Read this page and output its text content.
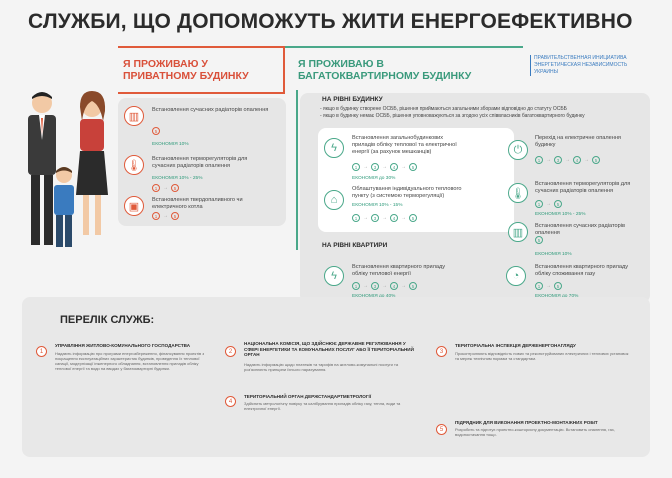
СЛУЖБИ, ЩО ДОПОМОЖУТЬ ЖИТИ ЕНЕРГОЕФЕКТИВНО
ПРАВИТЕЛЬСТВЕННАЯ ИНИЦИАТИВА
ЭНЕРГЕТИЧЕСКАЯ НЕЗАВИСИМОСТЬ УКРАИНЫ
Я ПРОЖИВАЮ У
ПРИВАТНОМУ БУДИНКУ
Я ПРОЖИВАЮ В
БАГАТОКВАРТИРНОМУ БУДИНКУ
▥
Встановлення сучасних радіаторів опалення
5
ЕКОНОМІЯ 10%
🌡
Встановлення терморегуляторів для сучасних радіаторів опалення
ЕКОНОМІЯ 10% - 25%
1	→	5
▣
Встановлення твердопаливного чи електричного котла
1	→	5
НА РІВНІ БУДИНКУ
- якщо в будинку створене ОСББ, рішення приймаються загальними зборами відповідно до статуту ОСББ
- якщо в будинку немає ОСББ, рішення уповноважуються за згодою усіх співвласників багатоквартирного будинку
ϟ
Встановлення загальнобудинкових приладів обліку теплової та електричної енергії (за рахунок мешканців)
1	→	3	→	4	→	5
ЕКОНОМІЯ до 30%
⌂
Облаштування індивідуального теплового пункту (з системою терморегуляції)
ЕКОНОМІЯ 10% - 15%
1	→	3	→	4	→	5
⏻
Перехід на електричне опалення будинку
1	→	3	→	4	→	5
🌡
Встановлення терморегуляторів для сучасних радіаторів опалення
1	→	5
ЕКОНОМІЯ 10% - 25%
▥
Встановлення сучасних радіаторів опалення
5
ЕКОНОМІЯ 10%
НА РІВНІ КВАРТИРИ
ϟ
Встановлення квартирного приладу обліку теплової енергії
1	→	3	→	4	→	5
◔
Встановлення квартирного приладу обліку споживання газу
1	→	5
ПЕРЕЛІК СЛУЖБ:
1
УПРАВЛІННЯ ЖИТЛОВО-КОМУНАЛЬНОГО ГОСПОДАРСТВА
Надають інформацію про програми енергозбереження, фінансування проектів з покращення експлуатаційних характеристик будинків, проведення їх теплової санації, модернізації інженерного обладнання, встановлення приладів обліку теплової енергії та води на вводах у багатоквартирні будинки.
2
НАЦІОНАЛЬНА КОМІСІЯ, ЩО ЗДІЙСНЮЄ ДЕРЖАВНЕ РЕГУЛЮВАННЯ У СФЕРІ ЕНЕРГЕТИКИ ТА КОМУНАЛЬНИХ ПОСЛУГ АБО ЇЇ ТЕРИТОРІАЛЬНИЙ ОРГАН
Надають інформацію щодо платежів та тарифів на житлово-комунальні послуги та роз'яснюють принципи їхнього нарахування.
4
ТЕРИТОРІАЛЬНИЙ ОРГАН ДЕРЖСТАНДАРТМЕТРОЛОГІЇ
Здійснить метрологічну повірку та калібрування приладів обліку газу, тепла, води та електричної енергії.
3
ТЕРИТОРІАЛЬНА ІНСПЕКЦІЯ ДЕРЖЕНЕРГОНАГЛЯДУ
Проконтролюють відповідність нових та реконструйованих електричних і теплових установок та мереж технічним нормам та стандартам.
5
ПІДРЯДНИК ДЛЯ ВИКОНАННЯ ПРОЕКТНО-МОНТАЖНИХ РОБІТ
Розробить та підготує проектно-кошторисну документацію. Встановить опалення, газ, водопостачання тощо.
